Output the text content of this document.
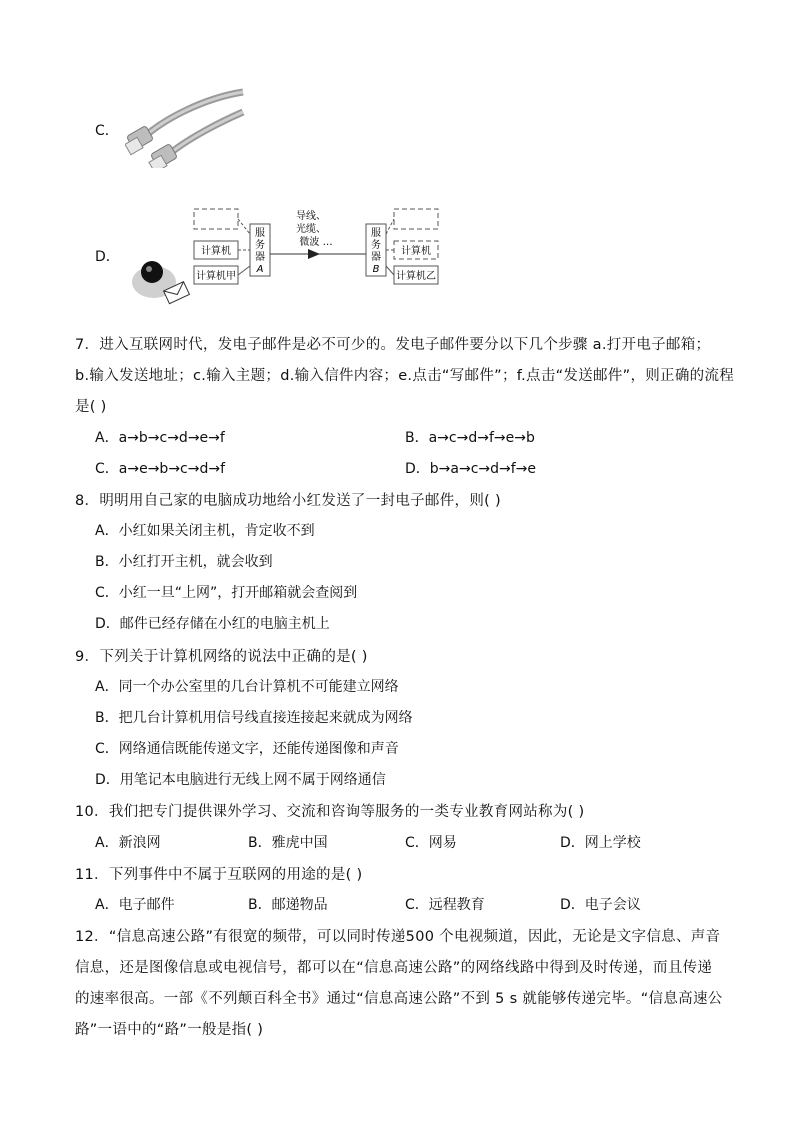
C．
D．	计算机
计算机甲
服
务
器
A
导线、
光缆、
微波 …
服
务
器
B
计算机
计算机乙
7．进入互联网时代，发电子邮件是必不可少的。发电子邮件要分以下几个步骤 a.打开电子邮箱；
b.输入发送地址；c.输入主题；d.输入信件内容；e.点击“写邮件”；f.点击“发送邮件”，则正确的流程
是( )
A．a→b→c→d→e→f	B．a→c→d→f→e→b
C．a→e→b→c→d→f	D．b→a→c→d→f→e
8．明明用自己家的电脑成功地给小红发送了一封电子邮件，则( )
A．小红如果关闭主机，肯定收不到
B．小红打开主机，就会收到
C．小红一旦“上网”，打开邮箱就会查阅到
D．邮件已经存储在小红的电脑主机上
9．下列关于计算机网络的说法中正确的是( )
A．同一个办公室里的几台计算机不可能建立网络
B．把几台计算机用信号线直接连接起来就成为网络
C．网络通信既能传递文字，还能传递图像和声音
D．用笔记本电脑进行无线上网不属于网络通信
10．我们把专门提供课外学习、交流和咨询等服务的一类专业教育网站称为( )
A．新浪网	B．雅虎中国	C．网易	D．网上学校
11．下列事件中不属于互联网的用途的是( )
A．电子邮件	B．邮递物品	C．远程教育	D．电子会议
12．“信息高速公路”有很宽的频带，可以同时传递500 个电视频道，因此，无论是文字信息、声音
信息，还是图像信息或电视信号，都可以在“信息高速公路”的网络线路中得到及时传递，而且传递
的速率很高。一部《不列颠百科全书》通过“信息高速公路”不到 5 s 就能够传递完毕。“信息高速公
路”一语中的“路”一般是指( )
